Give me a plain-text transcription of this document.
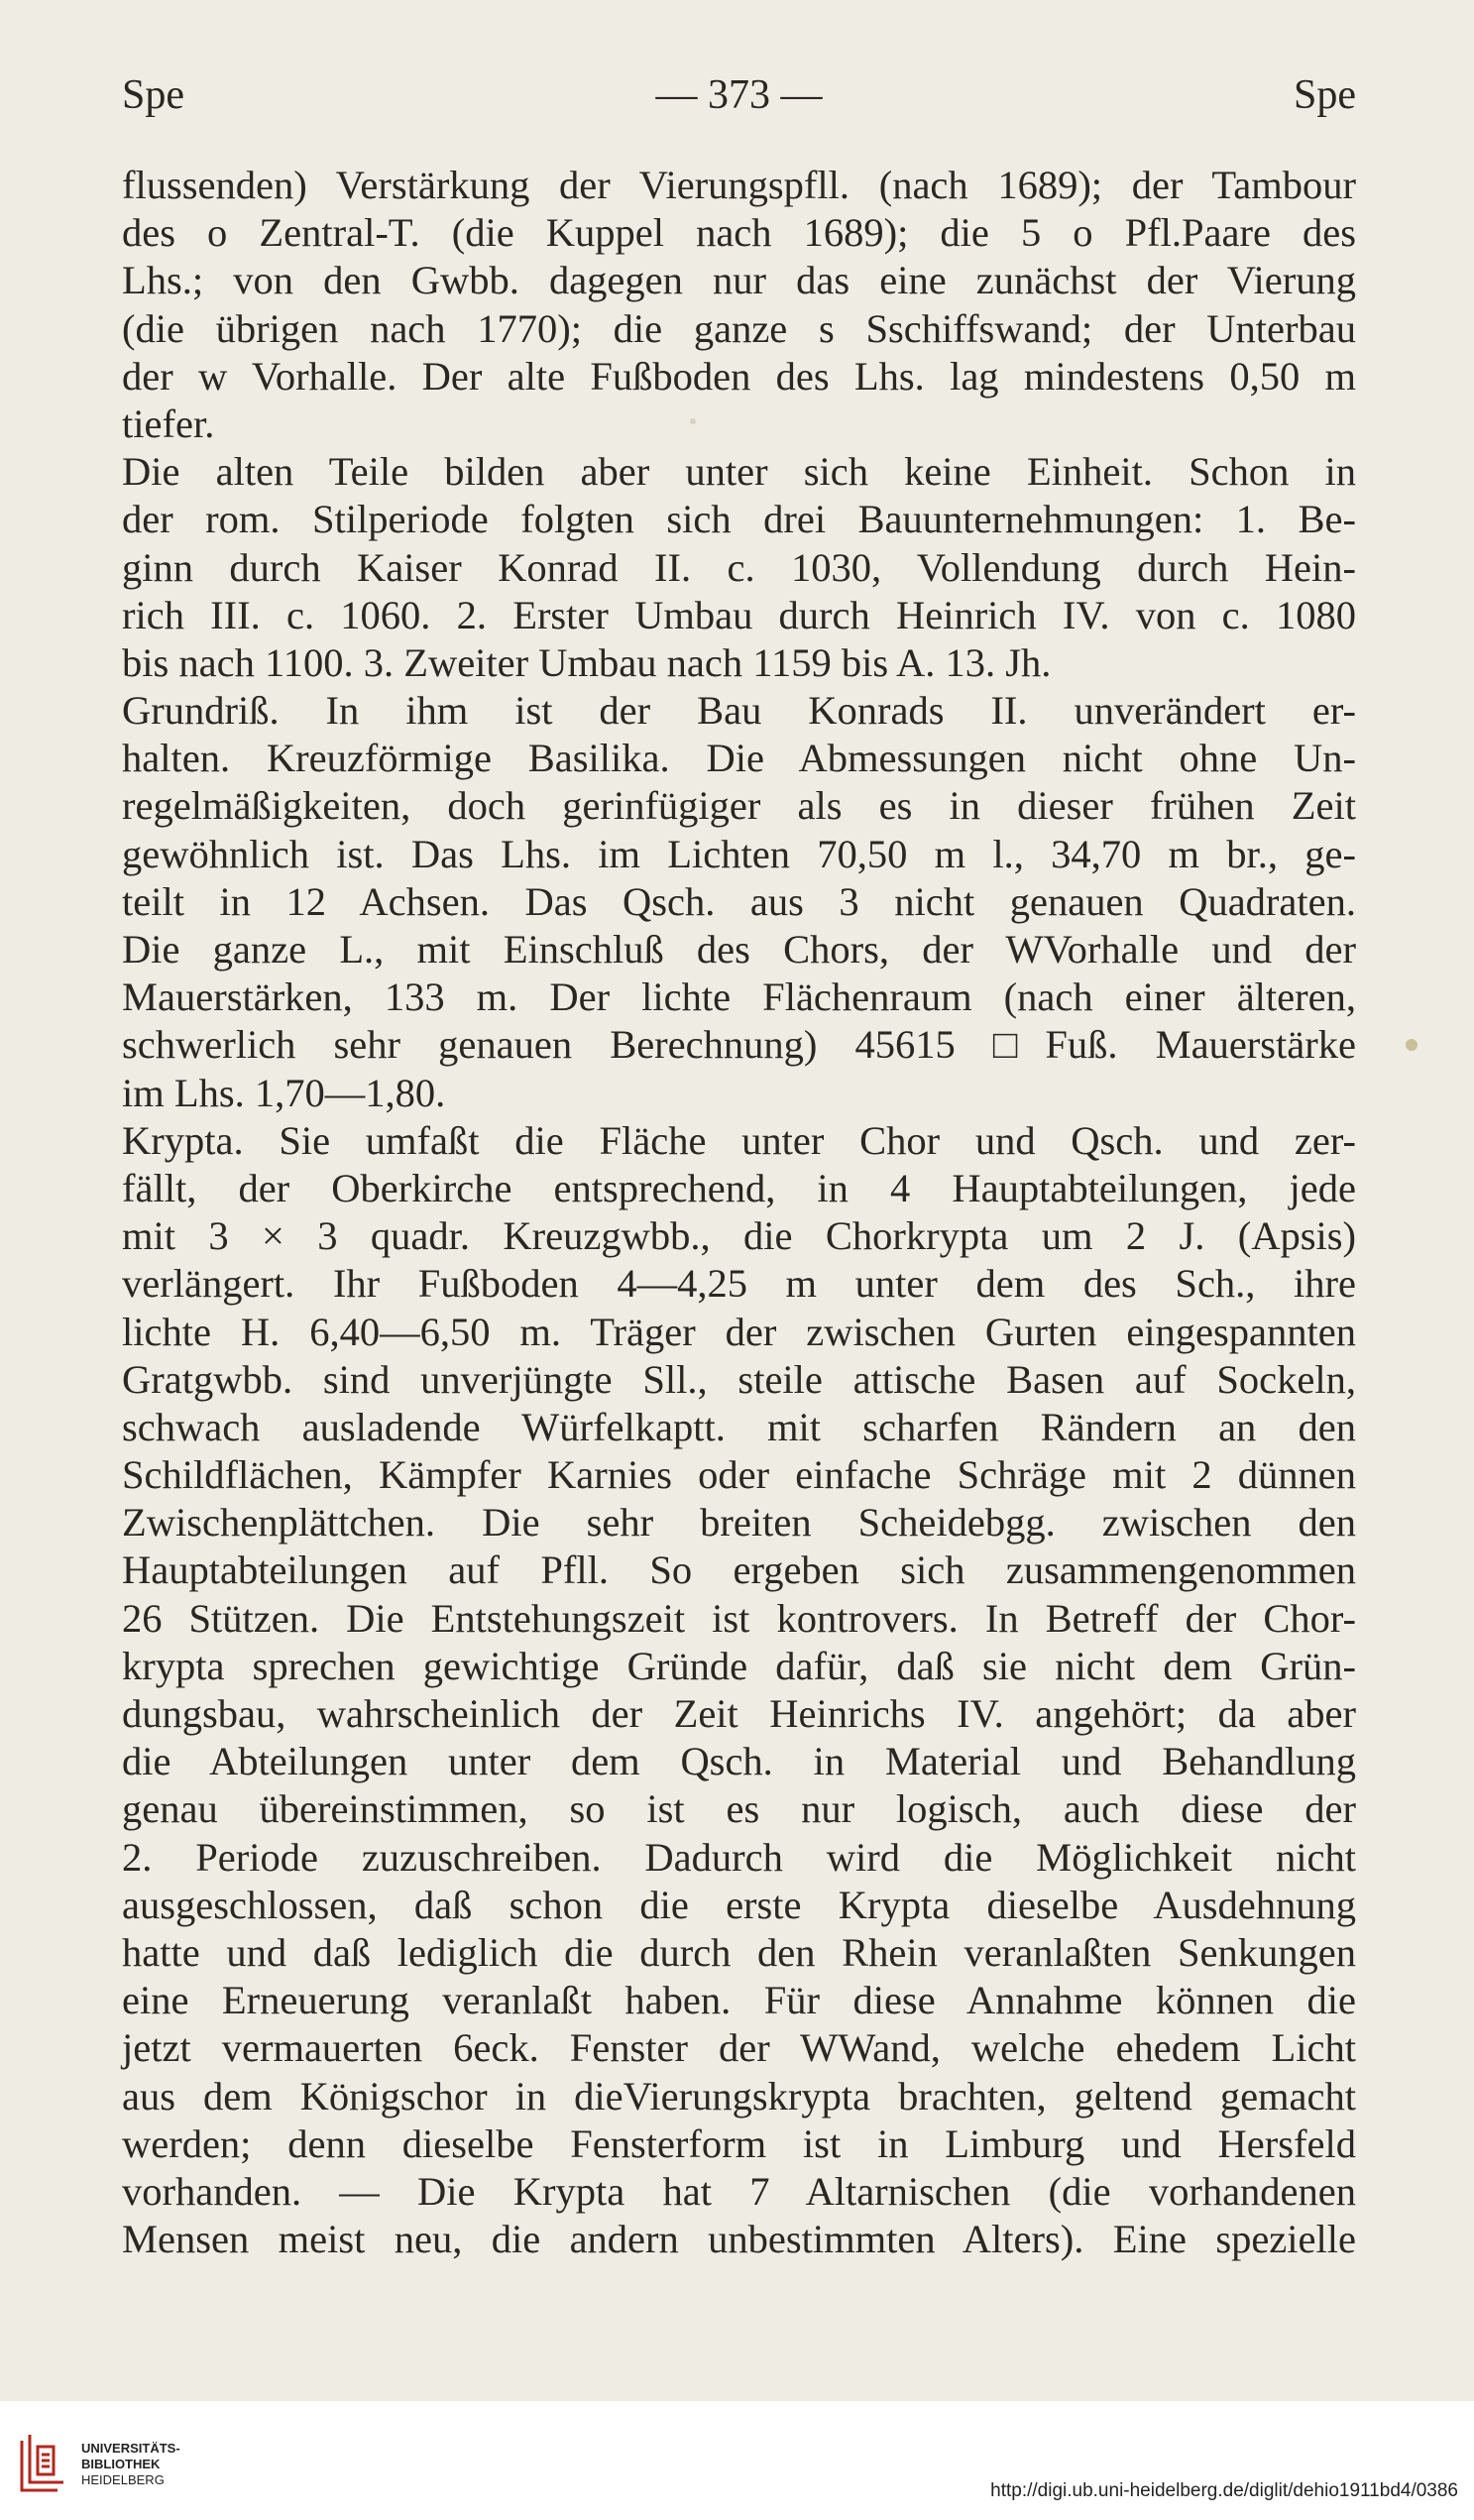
Spe	— 373 —	Spe
flussenden) Verstärkung der Vierungspfll. (nach 1689); der Tambour
des o Zentral-T. (die Kuppel nach 1689); die 5 o Pfl.Paare des
Lhs.; von den Gwbb. dagegen nur das eine zunächst der Vierung
(die übrigen nach 1770); die ganze s Sschiffswand; der Unterbau
der w Vorhalle. Der alte Fußboden des Lhs. lag mindestens 0,50 m
tiefer.
Die alten Teile bilden aber unter sich keine Einheit. Schon in
der rom. Stilperiode folgten sich drei Bauunternehmungen: 1. Be-
ginn durch Kaiser Konrad II. c. 1030, Vollendung durch Hein-
rich III. c. 1060. 2. Erster Umbau durch Heinrich IV. von c. 1080
bis nach 1100. 3. Zweiter Umbau nach 1159 bis A. 13. Jh.
Grundriß. In ihm ist der Bau Konrads II. unverändert er-
halten. Kreuzförmige Basilika. Die Abmessungen nicht ohne Un-
regelmäßigkeiten, doch gerinfügiger als es in dieser frühen Zeit
gewöhnlich ist. Das Lhs. im Lichten 70,50 m l., 34,70 m br., ge-
teilt in 12 Achsen. Das Qsch. aus 3 nicht genauen Quadraten.
Die ganze L., mit Einschluß des Chors, der WVorhalle und der
Mauerstärken, 133 m. Der lichte Flächenraum (nach einer älteren,
schwerlich sehr genauen Berechnung) 45615 □Fuß. Mauerstärke
im Lhs. 1,70—1,80.
Krypta. Sie umfaßt die Fläche unter Chor und Qsch. und zer-
fällt, der Oberkirche entsprechend, in 4 Hauptabteilungen, jede
mit 3 × 3 quadr. Kreuzgwbb., die Chorkrypta um 2 J. (Apsis)
verlängert. Ihr Fußboden 4—4,25 m unter dem des Sch., ihre
lichte H. 6,40—6,50 m. Träger der zwischen Gurten eingespannten
Gratgwbb. sind unverjüngte Sll., steile attische Basen auf Sockeln,
schwach ausladende Würfelkaptt. mit scharfen Rändern an den
Schildflächen, Kämpfer Karnies oder einfache Schräge mit 2 dünnen
Zwischenplättchen. Die sehr breiten Scheidebgg. zwischen den
Hauptabteilungen auf Pfll. So ergeben sich zusammengenommen
26 Stützen. Die Entstehungszeit ist kontrovers. In Betreff der Chor-
krypta sprechen gewichtige Gründe dafür, daß sie nicht dem Grün-
dungsbau, wahrscheinlich der Zeit Heinrichs IV. angehört; da aber
die Abteilungen unter dem Qsch. in Material und Behandlung
genau übereinstimmen, so ist es nur logisch, auch diese der
2. Periode zuzuschreiben. Dadurch wird die Möglichkeit nicht
ausgeschlossen, daß schon die erste Krypta dieselbe Ausdehnung
hatte und daß lediglich die durch den Rhein veranlaßten Senkungen
eine Erneuerung veranlaßt haben. Für diese Annahme können die
jetzt vermauerten 6eck. Fenster der WWand, welche ehedem Licht
aus dem Königschor in dieVierungskrypta brachten, geltend gemacht
werden; denn dieselbe Fensterform ist in Limburg und Hersfeld
vorhanden. — Die Krypta hat 7 Altarnischen (die vorhandenen
Mensen meist neu, die andern unbestimmten Alters). Eine spezielle
UNIVERSITÄTS-
BIBLIOTHEK
HEIDELBERG
http://digi.ub.uni-heidelberg.de/diglit/dehio1911bd4/0386
